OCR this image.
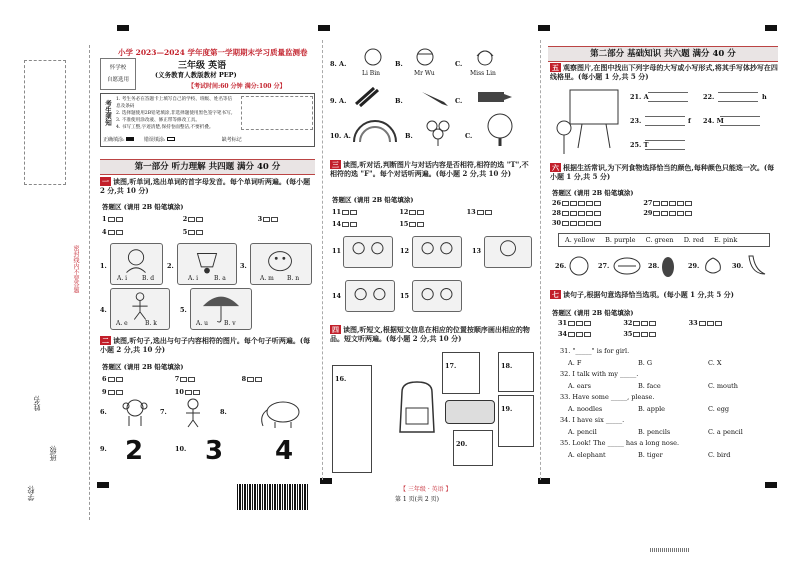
密封线内不要答题
姓名:
班级:
学校:
小学 2023—2024 学年度第一学期期末学习质量监测卷
怀学校
自愿选用
三年级 英语
(义务教育人教版教材 PEP)
【考试时间:60 分钟 满分:100 分】
考生须知
1. 考生务必在答题卡上填写自己的学校、班级、姓名等信息及条码
2. 选择题使用2B铅笔填涂,非选择题使用黑色签字笔书写。
3. 不准使用涂改液、修正带等修改工具。
4. 书写工整,字迹清楚,保持卷面整洁,不要折叠。
正确填涂:	错误填涂:	缺考标记
第一部分 听力理解 共四题 满分 40 分
一 读图,听单词,选出单词的首字母发音。每个单词听两遍。(每小题 2 分,共 10 分)
答题区 (请用 2B 铅笔填涂)
1	2	3
4	5
1.
A. i B. d
2.
A. i	B. a
3.
A. m B. n
4.
A. e	B. k
5.
A. u	B. v
二 读图,听句子,选出与句子内容相符的图片。每个句子听两遍。(每小题 2 分,共 10 分)
答题区 (请用 2B 铅笔填涂)
6	7	8
9	10
6.	7.	8.
9. 2	10. 3 4
8. A.
Li Bin
B.
Mr Wu
C.
Miss Lin
9. A.	B.	C.
10. A.	B.	C.
三 读图,听对话,判断图片与对话内容是否相符,相符的选 "T",不相符的选 "F"。每个对话听两遍。(每小题 2 分,共 10 分)
答题区 (请用 2B 铅笔填涂)
11	12	13
14	15
11	12	13
14	15
四 读图,听短文,根据短文信息在相应的位置按顺序画出相应的物品。短文听两遍。(每小题 2 分,共 10 分)
16.
17.	18.
19.
20.
第二部分 基础知识 共六题 满分 40 分
五 观察图片,在图中找出下列字母的大写或小写形式,将其手写体抄写在四线格里。(每小题 1 分,共 5 分)
21. A	22.	h
23.	f 24. M
25. T
六 根据生活常识,为下列食物选择恰当的颜色,每种颜色只能选一次。(每小题 1 分,共 5 分)
答题区 (请用 2B 铅笔填涂)
26	27
28	29
30
A. yellow B. purple C. green D. red E. pink
26.	27.	28.	29.	30.
七 读句子,根据句意选择恰当选项。(每小题 1 分,共 5 分)
答题区 (请用 2B 铅笔填涂)
31	32	33
34	35
31. "_____" is for girl.
A. F	B. G	C. X
32. I talk with my _____.
A. ears	B. face	C. mouth
33. Have some _____, please.
A. noodles	B. apple	C. egg
34. I have six _____.
A. pencil	B. pencils	C. a pencil
35. Look! The _____ has a long nose.
A. elephant	B. tiger	C. bird
【 三年级 · 英语 】
第 1 页(共 2 页)
